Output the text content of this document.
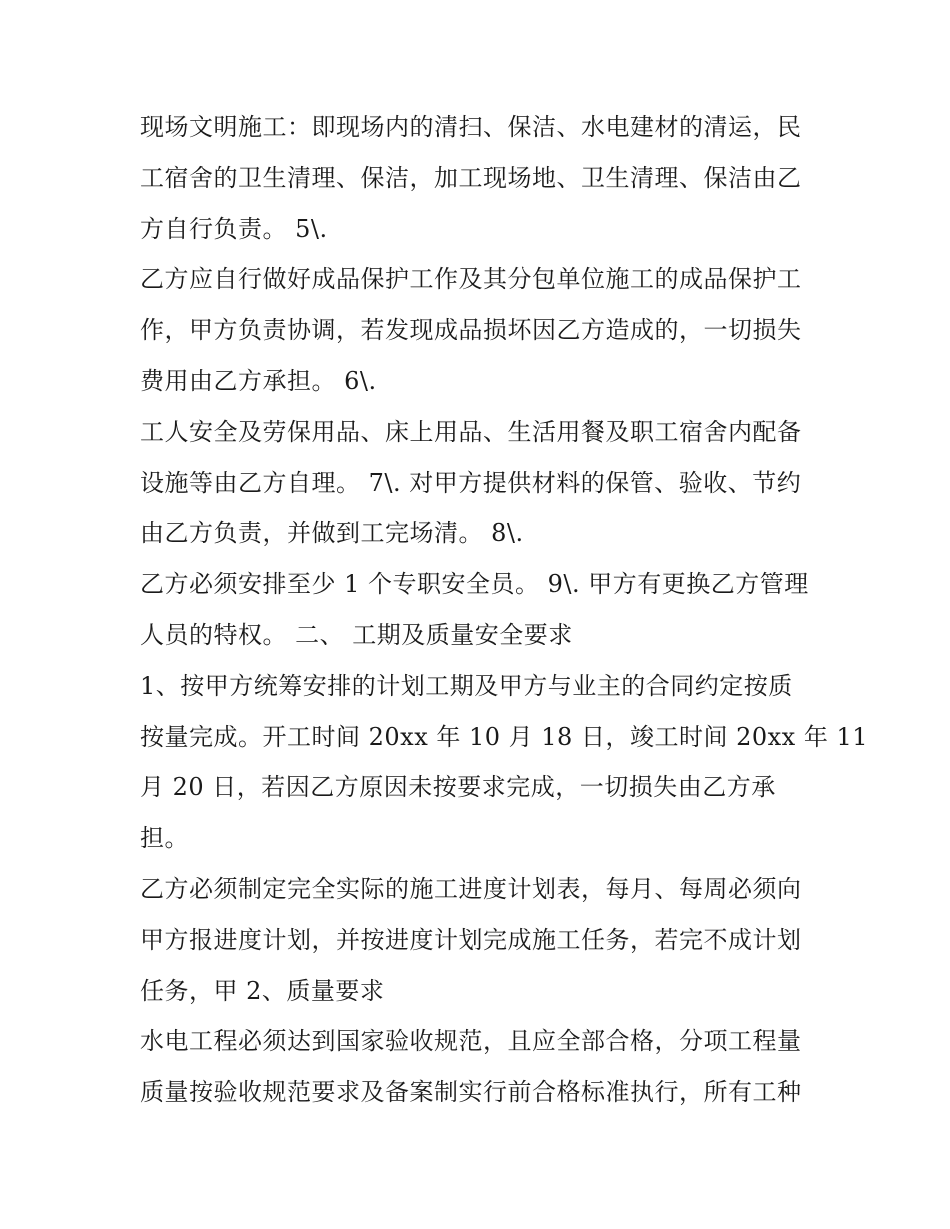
现场文明施工：即现场内的清扫、保洁、水电建材的清运，民
工宿舍的卫生清理、保洁，加工现场地、卫生清理、保洁由乙
方自行负责。 5\.
乙方应自行做好成品保护工作及其分包单位施工的成品保护工
作，甲方负责协调，若发现成品损坏因乙方造成的，一切损失
费用由乙方承担。 6\.
工人安全及劳保用品、床上用品、生活用餐及职工宿舍内配备
设施等由乙方自理。 7\. 对甲方提供材料的保管、验收、节约
由乙方负责，并做到工完场清。 8\.
乙方必须安排至少 1 个专职安全员。 9\. 甲方有更换乙方管理
人员的特权。 二、 工期及质量安全要求
1、按甲方统筹安排的计划工期及甲方与业主的合同约定按质
按量完成。开工时间 20xx 年 10 月 18 日，竣工时间 20xx 年 11
月 20 日，若因乙方原因未按要求完成，一切损失由乙方承
担。
乙方必须制定完全实际的施工进度计划表，每月、每周必须向
甲方报进度计划，并按进度计划完成施工任务，若完不成计划
任务，甲 2、质量要求
水电工程必须达到国家验收规范，且应全部合格，分项工程量
质量按验收规范要求及备案制实行前合格标准执行，所有工种
